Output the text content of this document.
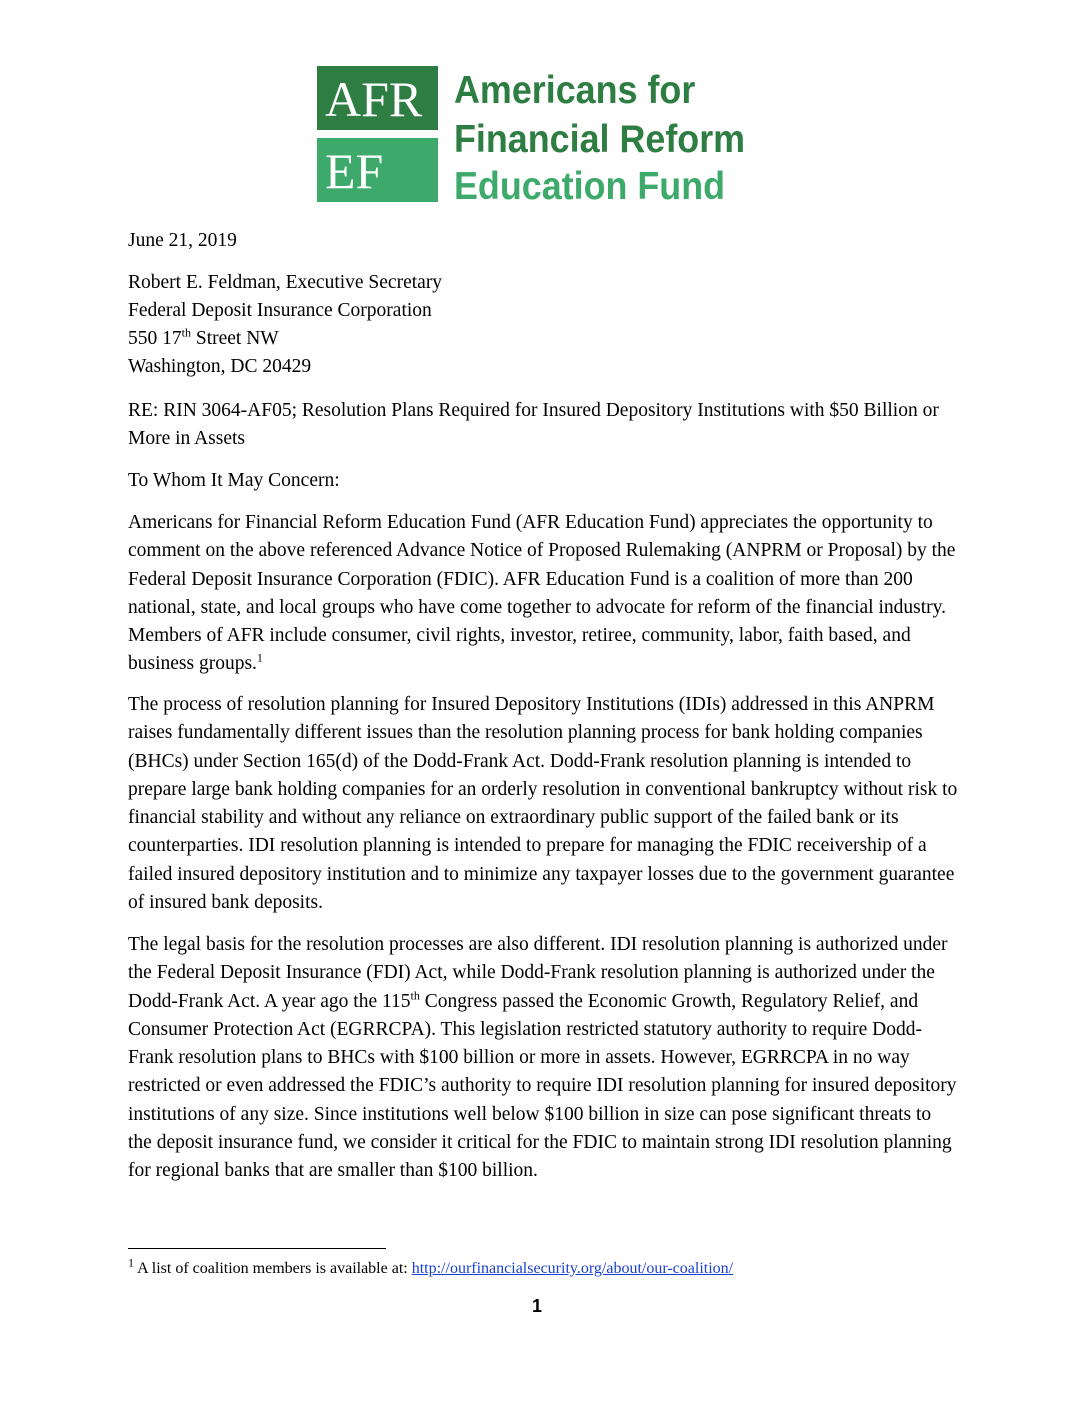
AFR
EF
Americans for
Financial Reform
Education Fund
June 21, 2019
Robert E. Feldman, Executive Secretary
Federal Deposit Insurance Corporation
550 17th Street NW
Washington, DC 20429
RE: RIN 3064-AF05; Resolution Plans Required for Insured Depository Institutions with $50 Billion or More in Assets
To Whom It May Concern:
Americans for Financial Reform Education Fund (AFR Education Fund) appreciates the opportunity to comment on the above referenced Advance Notice of Proposed Rulemaking (ANPRM or Proposal) by the Federal Deposit Insurance Corporation (FDIC). AFR Education Fund is a coalition of more than 200 national, state, and local groups who have come together to advocate for reform of the financial industry. Members of AFR include consumer, civil rights, investor, retiree, community, labor, faith based, and business groups.$^1$
The process of resolution planning for Insured Depository Institutions (IDIs) addressed in this ANPRM raises fundamentally different issues than the resolution planning process for bank holding companies (BHCs) under Section 165(d) of the Dodd-Frank Act. Dodd-Frank resolution planning is intended to prepare large bank holding companies for an orderly resolution in conventional bankruptcy without risk to financial stability and without any reliance on extraordinary public support of the failed bank or its counterparties. IDI resolution planning is intended to prepare for managing the FDIC receivership of a failed insured depository institution and to minimize any taxpayer losses due to the government guarantee of insured bank deposits.
The legal basis for the resolution processes are also different. IDI resolution planning is authorized under the Federal Deposit Insurance (FDI) Act, while Dodd-Frank resolution planning is authorized under the Dodd-Frank Act. A year ago the 115th Congress passed the Economic Growth, Regulatory Relief, and Consumer Protection Act (EGRRCPA). This legislation restricted statutory authority to require Dodd-Frank resolution plans to BHCs with $100 billion or more in assets. However, EGRRCPA in no way restricted or even addressed the FDIC’s authority to require IDI resolution planning for insured depository institutions of any size. Since institutions well below $100 billion in size can pose significant threats to the deposit insurance fund, we consider it critical for the FDIC to maintain strong IDI resolution planning for regional banks that are smaller than $100 billion.
$^1$ A list of coalition members is available at: http://ourfinancialsecurity.org/about/our-coalition/
1
